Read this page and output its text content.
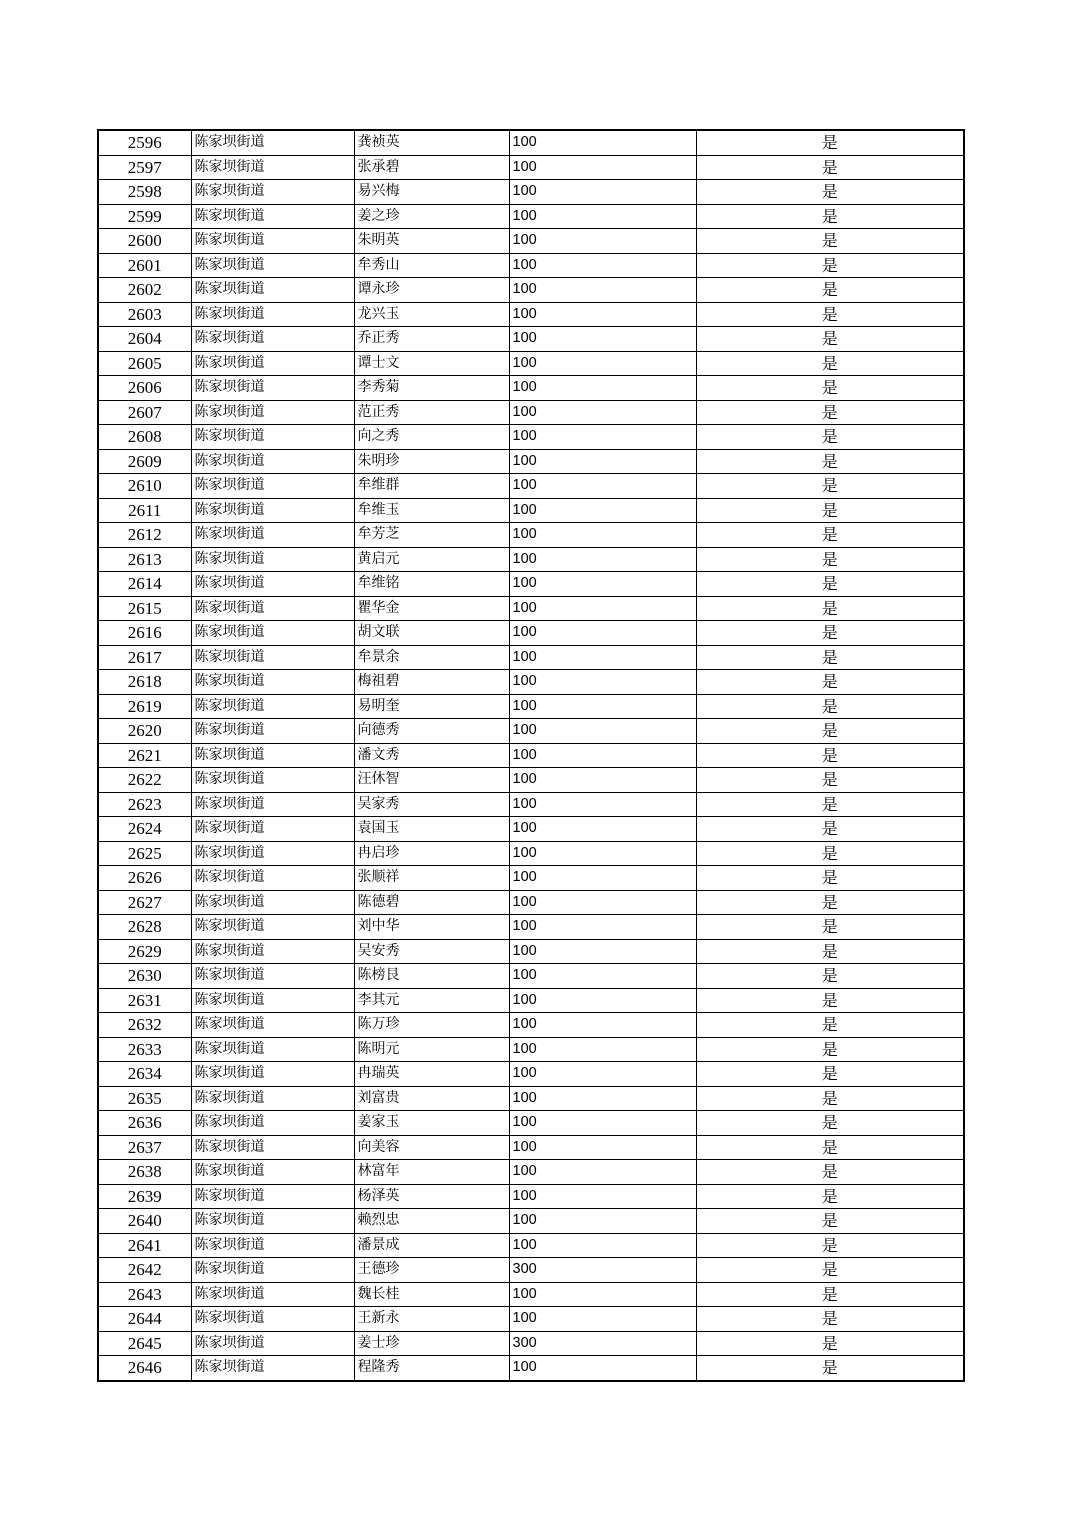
2596	陈家坝街道	龚祯英	100	是
2597	陈家坝街道	张承碧	100	是
2598	陈家坝街道	易兴梅	100	是
2599	陈家坝街道	姜之珍	100	是
2600	陈家坝街道	朱明英	100	是
2601	陈家坝街道	牟秀山	100	是
2602	陈家坝街道	谭永珍	100	是
2603	陈家坝街道	龙兴玉	100	是
2604	陈家坝街道	乔正秀	100	是
2605	陈家坝街道	谭士文	100	是
2606	陈家坝街道	李秀菊	100	是
2607	陈家坝街道	范正秀	100	是
2608	陈家坝街道	向之秀	100	是
2609	陈家坝街道	朱明珍	100	是
2610	陈家坝街道	牟维群	100	是
2611	陈家坝街道	牟维玉	100	是
2612	陈家坝街道	牟芳芝	100	是
2613	陈家坝街道	黄启元	100	是
2614	陈家坝街道	牟维铭	100	是
2615	陈家坝街道	瞿华金	100	是
2616	陈家坝街道	胡文联	100	是
2617	陈家坝街道	牟景余	100	是
2618	陈家坝街道	梅祖碧	100	是
2619	陈家坝街道	易明奎	100	是
2620	陈家坝街道	向德秀	100	是
2621	陈家坝街道	潘文秀	100	是
2622	陈家坝街道	汪休智	100	是
2623	陈家坝街道	吴家秀	100	是
2624	陈家坝街道	袁国玉	100	是
2625	陈家坝街道	冉启珍	100	是
2626	陈家坝街道	张顺祥	100	是
2627	陈家坝街道	陈德碧	100	是
2628	陈家坝街道	刘中华	100	是
2629	陈家坝街道	吴安秀	100	是
2630	陈家坝街道	陈榜艮	100	是
2631	陈家坝街道	李其元	100	是
2632	陈家坝街道	陈万珍	100	是
2633	陈家坝街道	陈明元	100	是
2634	陈家坝街道	冉瑞英	100	是
2635	陈家坝街道	刘富贵	100	是
2636	陈家坝街道	姜家玉	100	是
2637	陈家坝街道	向美容	100	是
2638	陈家坝街道	林富年	100	是
2639	陈家坝街道	杨泽英	100	是
2640	陈家坝街道	赖烈忠	100	是
2641	陈家坝街道	潘景成	100	是
2642	陈家坝街道	王德珍	300	是
2643	陈家坝街道	魏长桂	100	是
2644	陈家坝街道	王新永	100	是
2645	陈家坝街道	姜士珍	300	是
2646	陈家坝街道	程隆秀	100	是
